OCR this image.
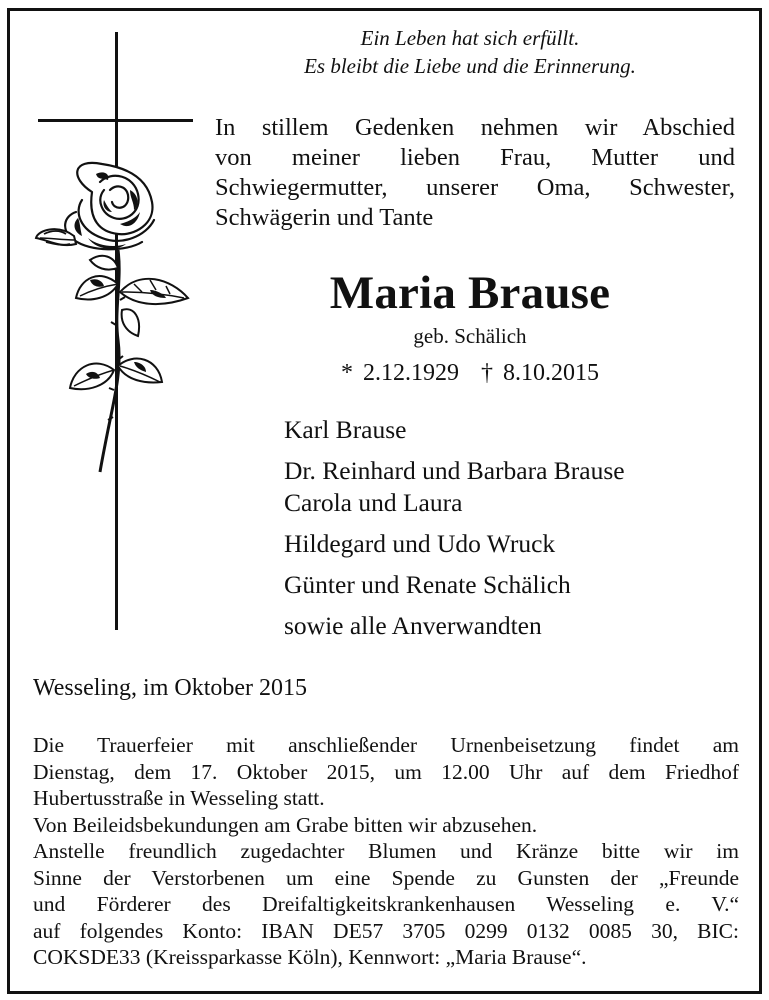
Ein Leben hat sich erfüllt.
Es bleibt die Liebe und die Erinnerung.
In stillem Gedenken nehmen wir Abschied
von meiner lieben Frau, Mutter und
Schwiegermutter, unserer Oma, Schwester,
Schwägerin und Tante
Maria Brause
geb. Schälich
* 2.12.1929 † 8.10.2015
Karl Brause
Dr. Reinhard und Barbara Brause
Carola und Laura
Hildegard und Udo Wruck
Günter und Renate Schälich
sowie alle Anverwandten
Wesseling, im Oktober 2015
Die Trauerfeier mit anschließender Urnenbeisetzung findet am
Dienstag, dem 17. Oktober 2015, um 12.00 Uhr auf dem Friedhof
Hubertusstraße in Wesseling statt.
Von Beileidsbekundungen am Grabe bitten wir abzusehen.
Anstelle freundlich zugedachter Blumen und Kränze bitte wir im
Sinne der Verstorbenen um eine Spende zu Gunsten der „Freunde
und Förderer des Dreifaltigkeitskrankenhausen Wesseling e. V.“
auf folgendes Konto: IBAN DE57 3705 0299 0132 0085 30, BIC:
COKSDE33 (Kreissparkasse Köln), Kennwort: „Maria Brause“.
